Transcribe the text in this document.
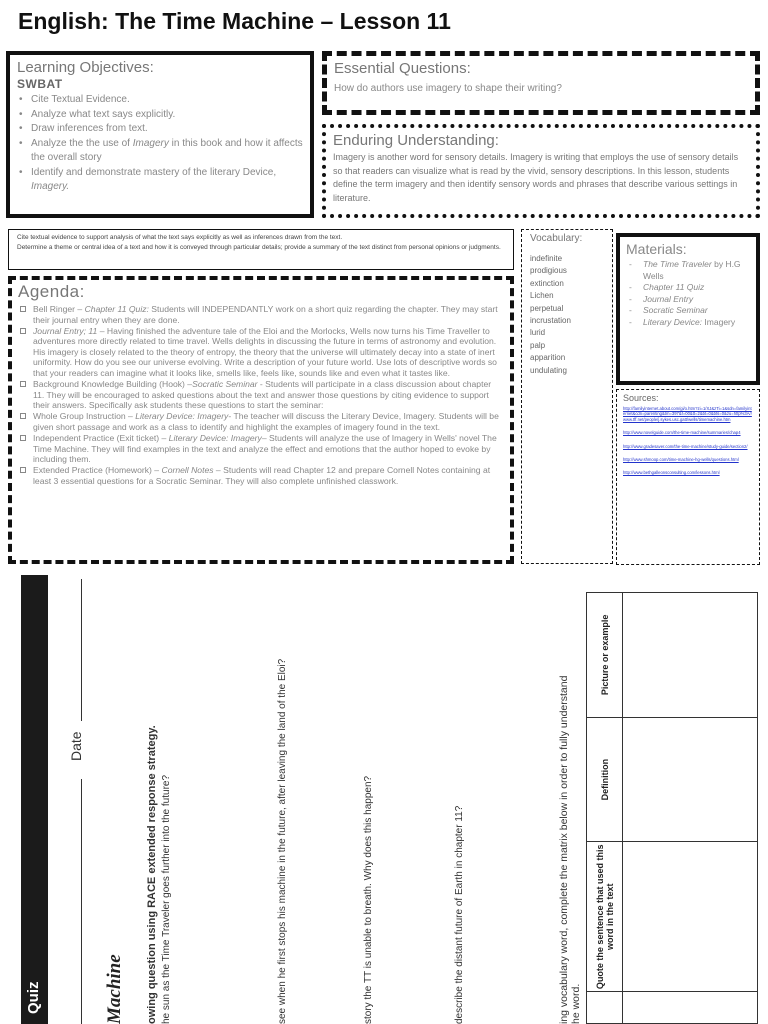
English: The Time Machine – Lesson 11
Learning Objectives:
SWBAT
• Cite Textual Evidence.
• Analyze what text says explicitly.
• Draw inferences from text.
• Analyze the the use of Imagery in this book and how it affects the overall story
• Identify and demonstrate mastery of the literary Device, Imagery.
Essential Questions:

How do authors use imagery to shape their writing?

Enduring Understanding:

Imagery is another word for sensory details. Imagery is writing that employs the use of sensory details so that readers can visualize what is read by the vivid, sensory descriptions. In this lesson, students define the term imagery and then identify sensory words and phrases that describe various settings in literature.

Cite textual evidence to support analysis of what the text says explicitly as well as inferences drawn from the text.

Determine a theme or central idea of a text and how it is conveyed through particular details; provide a summary of the text distinct from personal opinions or judgments.

Agenda:
Bell Ringer – Chapter 11 Quiz: Students will INDEPENDANTLY work on a short quiz regarding the chapter. They may start their journal entry when they are done.
Journal Entry; 11 – Having finished the adventure tale of the Eloi and the Morlocks, Wells now turns his Time Traveller to adventures more directly related to time travel. Wells delights in discussing the future in terms of astronomy and evolution. His imagery is closely related to the theory of entropy, the theory that the universe will ultimately decay into a state of inert uniformity. How do you see our universe evolving. Write a description of your future world. Use lots of descriptive words so that your readers can imagine what it looks like, smells like, feels like, sounds like and even what it tastes like.
Background Knowledge Building (Hook) –Socratic Seminar - Students will participate in a class discussion about chapter 11. They will be encouraged to asked questions about the text and answer those questions by citing evidence to support their answers. Specifically ask students these questions to start the seminar:
Whole Group Instruction – Literary Device: Imagery- The teacher will discuss the Literary Device, Imagery. Students will be given short passage and work as a class to identify and highlight the examples of imagery found in the text.
Independent Practice (Exit ticket) – Literary Device: Imagery– Students will analyze the use of Imagery in Wells' novel The Time Machine. They will find examples in the text and analyze the effect and emotions that the author hoped to evoke by including them.
Extended Practice (Homework) – Cornell Notes – Students will read Chapter 12 and prepare Cornell Notes containing at least 3 essential questions for a Socratic Seminar. They will also complete unfinished classwork.
Vocabulary:
indefinite
prodigious
extinction
Lichen
perpetual
incrustation
lurid
palp
apparition
undulating
Materials:
- The Time Traveler by H.G Wells
- Chapter 11 Quiz
- Journal Entry
- Socratic Seminar
- Literary Device: Imagery
Sources:
http://familyinternet.about.com/gi/o.htm?zi=1/XJ&zTi=1&sdn=familyinternet&cdn=parenting&tm=397&f=00&tt=2&bt=0&bts=0&zu=http%3A//www.tff.net/people/j.sykes.usc.gatt/wells/timemachine.htm
http://www.novelguide.com/the-time-machine/summaries/chap4
http://www.gradesaver.com/the-time-machine/study-guide/section2/
http://www.shmoop.com/time-machine-hg-wells/questions.html
http://www.bethgalleonsconsulting.com/lessons.html
Quiz
Date
Machine owing question using RACE extended response strategy. he sun as the Time Traveler goes further into the future?	see when he first stops his machine in the future, after leaving the land of the Eloi?	story the TT is unable to breath. Why does this happen?	describe the distant future of Earth in chapter 11?	ing vocabulary word, complete the matrix below in order to fully understand he word.
	Quote the sentence that used this word in the text	Definition	Picture or example
